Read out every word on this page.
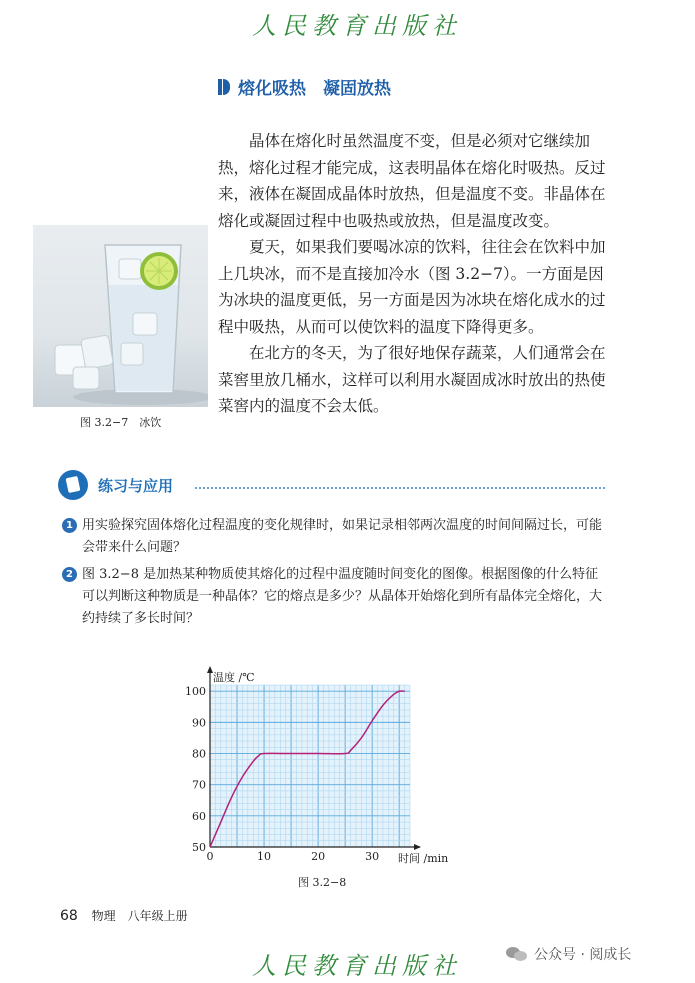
人民教育出版社
熔化吸热　凝固放热

晶体在熔化时虽然温度不变，但是必须对它继续加热，熔化过程才能完成，这表明晶体在熔化时吸热。反过来，液体在凝固成晶体时放热，但是温度不变。非晶体在熔化或凝固过程中也吸热或放热，但是温度改变。

夏天，如果我们要喝冰凉的饮料，往往会在饮料中加上几块冰，而不是直接加冷水（图 3.2−7）。一方面是因为冰块的温度更低，另一方面是因为冰块在熔化成水的过程中吸热，从而可以使饮料的温度下降得更多。

在北方的冬天，为了很好地保存蔬菜，人们通常会在菜窖里放几桶水，这样可以利用水凝固成冰时放出的热使菜窖内的温度不会太低。

图 3.2−7　冰饮
练习与应用
1 用实验探究固体熔化过程温度的变化规律时，如果记录相邻两次温度的时间间隔过长，可能会带来什么问题？
2 图 3.2−8 是加热某种物质使其熔化的过程中温度随时间变化的图像。根据图像的什么特征可以判断这种物质是一种晶体？它的熔点是多少？从晶体开始熔化到所有晶体完全熔化，大约持续了多长时间？
0	10	20	30
50
60
70
80
90
100
温度 /℃
时间 /min
图 3.2−8
68 物理　八年级上册
人民教育出版社	公众号 · 阅成长
